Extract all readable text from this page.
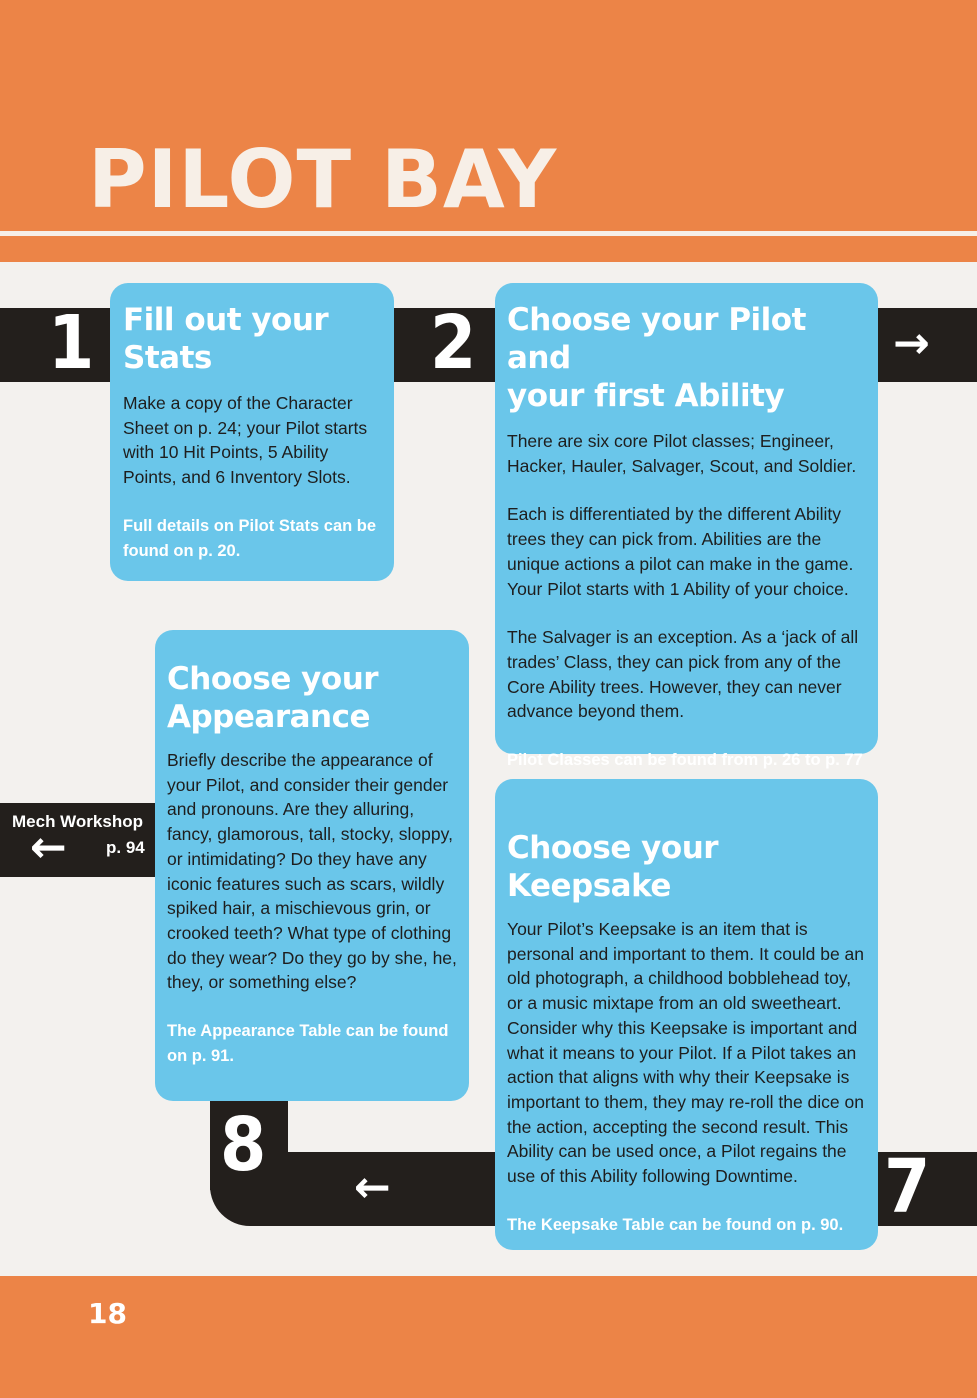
PILOT BAY
1	2
8	7
→
←
←
Mech Workshop
p. 94
Fill out your
Stats

Make a copy of the Character Sheet on p. 24; your Pilot starts with 10 Hit Points, 5 Ability Points, and 6 Inventory Slots.

Full details on Pilot Stats can be found on p. 20.

Choose your Pilot and
your first Ability

There are six core Pilot classes; Engineer, Hacker, Hauler, Salvager, Scout, and Soldier.

Each is differentiated by the different Ability trees they can pick from. Abilities are the unique actions a pilot can make in the game. Your Pilot starts with 1 Ability of your choice.

The Salvager is an exception. As a ‘jack of all trades’ Class, they can pick from any of the Core Ability trees. However, they can never advance beyond them.

Pilot Classes can be found from p. 26 to p. 77

Choose your
Appearance

Briefly describe the appearance of your Pilot, and consider their gender and pronouns. Are they alluring, fancy, glamorous, tall, stocky, sloppy, or intimidating? Do they have any iconic features such as scars, wildly spiked hair, a mischievous grin, or crooked teeth? What type of clothing do they wear? Do they go by she, he, they, or something else?

The Appearance Table can be found on p. 91.

Choose your Keepsake

Your Pilot’s Keepsake is an item that is personal and important to them. It could be an old photograph, a childhood bobblehead toy, or a music mixtape from an old sweetheart. Consider why this Keepsake is important and what it means to your Pilot. If a Pilot takes an action that aligns with why their Keepsake is important to them, they may re-roll the dice on the action, accepting the second result. This Ability can be used once, a Pilot regains the use of this Ability following Downtime.

The Keepsake Table can be found on p. 90.

18
